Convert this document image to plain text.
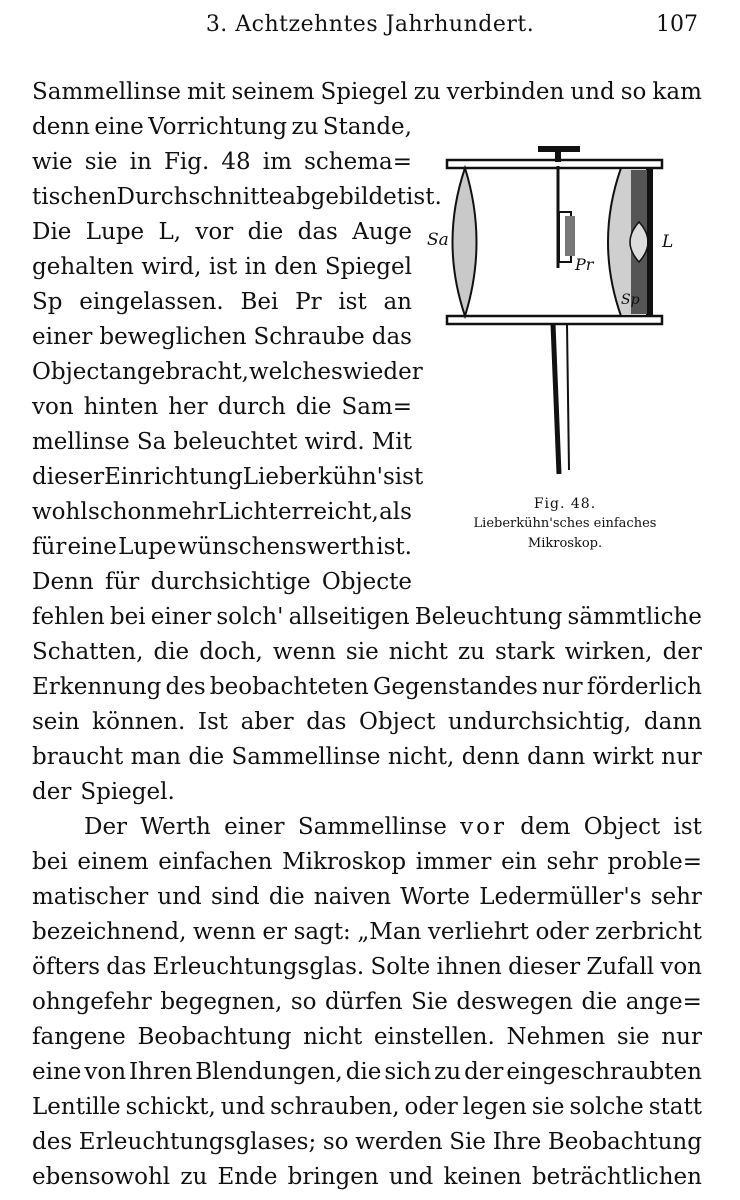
3. Achtzehntes Jahrhundert.	107
Sammellinse mit seinem Spiegel zu verbinden und so kam
denn eine Vorrichtung zu Stande,
wie sie in Fig. 48 im schema=
tischen Durchschnitte abgebildet ist.
Die Lupe L, vor die das Auge
gehalten wird, ist in den Spiegel
Sp eingelassen. Bei Pr ist an
einer beweglichen Schraube das
Object angebracht, welches wieder
von hinten her durch die Sam=
mellinse Sa beleuchtet wird. Mit
dieser Einrichtung Lieberkühn's ist
wohl schon mehr Licht erreicht, als
für eine Lupe wünschenswerth ist.
Denn für durchsichtige Objecte
fehlen bei einer solch' allseitigen Beleuchtung sämmtliche
Schatten, die doch, wenn sie nicht zu stark wirken, der
Erkennung des beobachteten Gegenstandes nur förderlich
sein können. Ist aber das Object undurchsichtig, dann
braucht man die Sammellinse nicht, denn dann wirkt nur
der Spiegel.
Der Werth einer Sammellinse vor dem Object ist
bei einem einfachen Mikroskop immer ein sehr proble=
matischer und sind die naiven Worte Ledermüller's sehr
bezeichnend, wenn er sagt: „Man verliehrt oder zerbricht
öfters das Erleuchtungsglas. Solte ihnen dieser Zufall von
ohngefehr begegnen, so dürfen Sie deswegen die ange=
fangene Beobachtung nicht einstellen. Nehmen sie nur
eine von Ihren Blendungen, die sich zu der eingeschraubten
Lentille schickt, und schrauben, oder legen sie solche statt
des Erleuchtungsglases; so werden Sie Ihre Beobachtung
ebensowohl zu Ende bringen und keinen beträchtlichen
Sa
Pr
Sp
L
Fig. 48.
Lieberkühn'sches einfaches
Mikroskop.
